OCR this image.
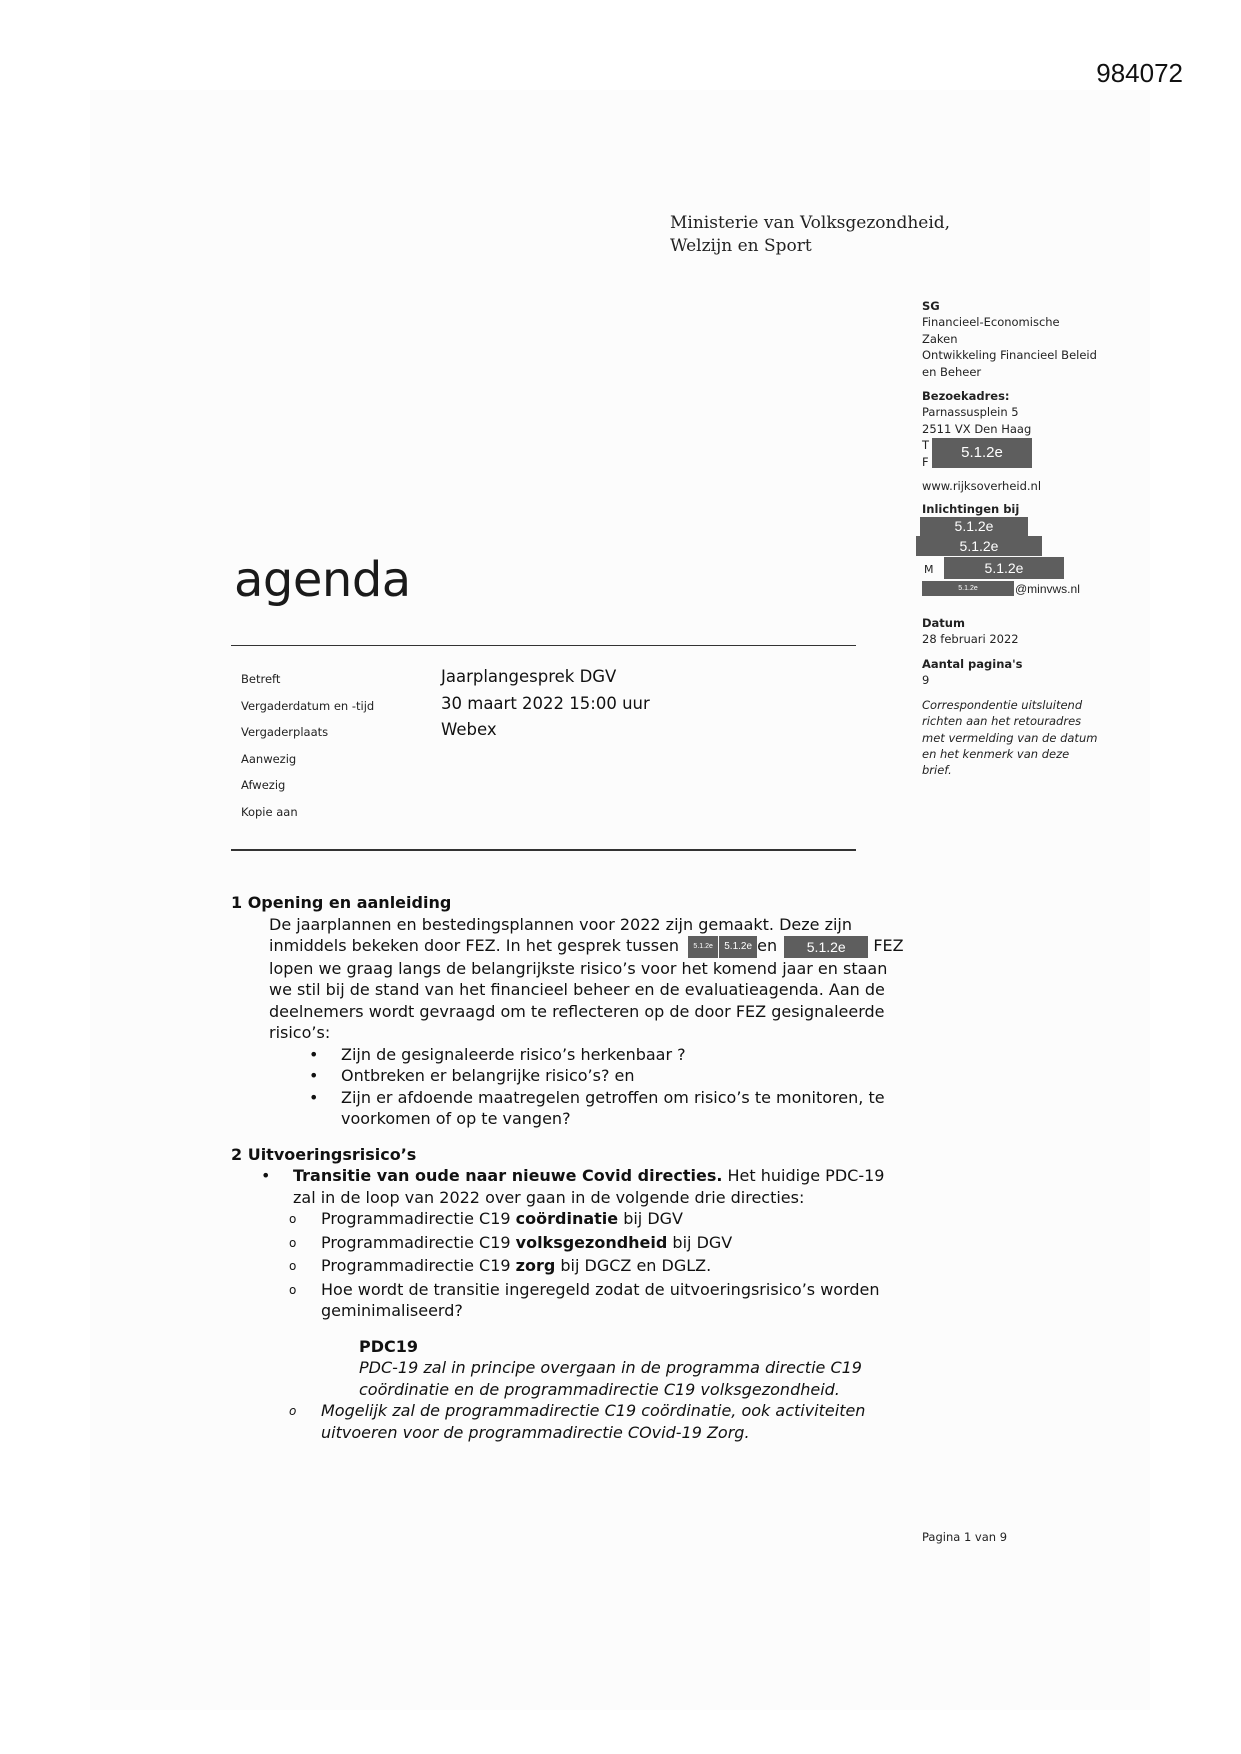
984072
Ministerie van Volksgezondheid,
Welzijn en Sport
SG
Financieel-Economische
Zaken
Ontwikkeling Financieel Beleid
en Beheer
Bezoekadres:
Parnassusplein 5
2511 VX Den Haag
T
F
5.1.2e
www.rijksoverheid.nl
Inlichtingen bij
5.1.2e
5.1.2e
M	5.1.2e
5.1.2e	@minvws.nl
Datum
28 februari 2022
Aantal pagina's
9
Correspondentie uitsluitend
richten aan het retouradres
met vermelding van de datum
en het kenmerk van deze
brief.
agenda
Betreft
Vergaderdatum en -tijd
Vergaderplaats
Aanwezig
Afwezig
Kopie aan
Jaarplangesprek DGV
30 maart 2022 15:00 uur
Webex
1 Opening en aanleiding
De jaarplannen en bestedingsplannen voor 2022 zijn gemaakt. Deze zijn
inmiddels bekeken door FEZ. In het gesprek tussen 5.1.2e 5.1.2e en 5.1.2e FEZ
lopen we graag langs de belangrijkste risico’s voor het komend jaar en staan we stil bij de stand van het financieel beheer en de evaluatieagenda. Aan de deelnemers wordt gevraagd om te reflecteren op de door FEZ gesignaleerde risico’s:
• Zijn de gesignaleerde risico’s herkenbaar ?
• Ontbreken er belangrijke risico’s? en
• Zijn er afdoende maatregelen getroffen om risico’s te monitoren, te voorkomen of op te vangen?
2 Uitvoeringsrisico’s
• Transitie van oude naar nieuwe Covid directies. Het huidige PDC-19 zal in de loop van 2022 over gaan in de volgende drie directies:
o Programmadirectie C19 coördinatie bij DGV
o Programmadirectie C19 volksgezondheid bij DGV
o Programmadirectie C19 zorg bij DGCZ en DGLZ.
o Hoe wordt de transitie ingeregeld zodat de uitvoeringsrisico’s worden geminimaliseerd?
PDC19
PDC-19 zal in principe overgaan in de programma directie C19 coördinatie en de programmadirectie C19 volksgezondheid.
o Mogelijk zal de programmadirectie C19 coördinatie, ook activiteiten uitvoeren voor de programmadirectie COvid-19 Zorg.
Pagina 1 van 9
